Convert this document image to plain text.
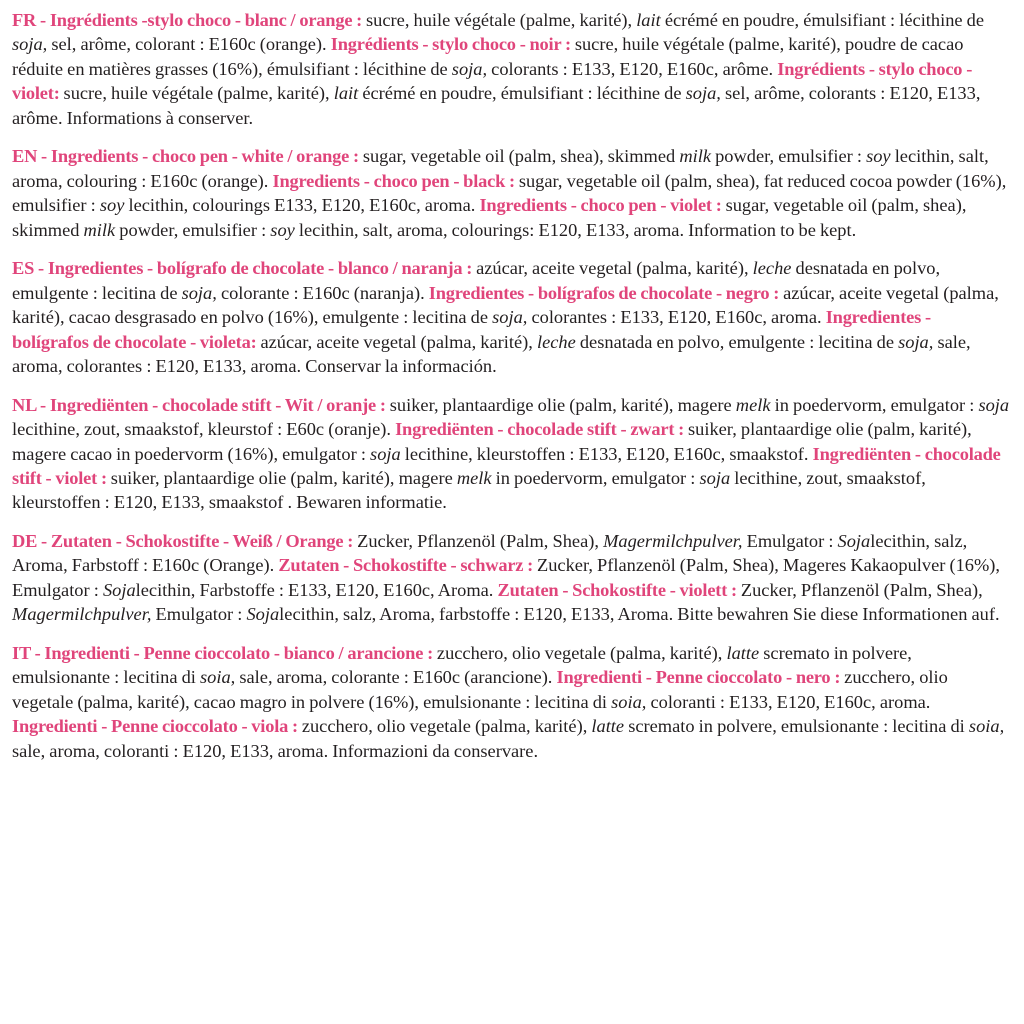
FR - Ingrédients -stylo choco - blanc / orange : sucre, huile végétale (palme, karité), lait écrémé en poudre, émulsifiant : lécithine de soja, sel, arôme, colorant : E160c (orange). Ingrédients - stylo choco - noir : sucre, huile végétale (palme, karité), poudre de cacao réduite en matières grasses (16%), émulsifiant : lécithine de soja, colorants : E133, E120, E160c, arôme. Ingrédients - stylo choco - violet: sucre, huile végétale (palme, karité), lait écrémé en poudre, émulsifiant : lécithine de soja, sel, arôme, colorants : E120, E133, arôme. Informations à conserver.

EN - Ingredients - choco pen - white / orange : sugar, vegetable oil (palm, shea), skimmed milk powder, emulsifier : soy lecithin, salt, aroma, colouring : E160c (orange). Ingredients - choco pen - black : sugar, vegetable oil (palm, shea), fat reduced cocoa powder (16%), emulsifier : soy lecithin, colourings E133, E120, E160c, aroma. Ingredients - choco pen - violet : sugar, vegetable oil (palm, shea), skimmed milk powder, emulsifier : soy lecithin, salt, aroma, colourings: E120, E133, aroma. Information to be kept.

ES - Ingredientes - bolígrafo de chocolate - blanco / naranja : azúcar, aceite vegetal (palma, karité), leche desnatada en polvo, emulgente : lecitina de soja, colorante : E160c (naranja). Ingredientes - bolígrafos de chocolate - negro : azúcar, aceite vegetal (palma, karité), cacao desgrasado en polvo (16%), emulgente : lecitina de soja, colorantes : E133, E120, E160c, aroma. Ingredientes - bolígrafos de chocolate - violeta: azúcar, aceite vegetal (palma, karité), leche desnatada en polvo, emulgente : lecitina de soja, sale, aroma, colorantes : E120, E133, aroma. Conservar la información.

NL - Ingrediënten - chocolade stift - Wit / oranje : suiker, plantaardige olie (palm, karité), magere melk in poedervorm, emulgator : soja lecithine, zout, smaakstof, kleurstof : E60c (oranje). Ingrediënten - chocolade stift - zwart : suiker, plantaardige olie (palm, karité), magere cacao in poedervorm (16%), emulgator : soja lecithine, kleurstoffen : E133, E120, E160c, smaakstof. Ingrediënten - chocolade stift - violet : suiker, plantaardige olie (palm, karité), magere melk in poedervorm, emulgator : soja lecithine, zout, smaakstof, kleurstoffen : E120, E133, smaakstof . Bewaren informatie.

DE - Zutaten - Schokostifte - Weiß / Orange : Zucker, Pflanzenöl (Palm, Shea), Magermilchpulver, Emulgator : Sojalecithin, salz, Aroma, Farbstoff : E160c (Orange). Zutaten - Schokostifte - schwarz : Zucker, Pflanzenöl (Palm, Shea), Mageres Kakaopulver (16%), Emulgator : Sojalecithin, Farbstoffe : E133, E120, E160c, Aroma. Zutaten - Schokostifte - violett : Zucker, Pflanzenöl (Palm, Shea), Magermilchpulver, Emulgator : Sojalecithin, salz, Aroma, farbstoffe : E120, E133, Aroma. Bitte bewahren Sie diese Informationen auf.

IT - Ingredienti - Penne cioccolato - bianco / arancione : zucchero, olio vegetale (palma, karité), latte scremato in polvere, emulsionante : lecitina di soia, sale, aroma, colorante : E160c (arancione). Ingredienti - Penne cioccolato - nero : zucchero, olio vegetale (palma, karité), cacao magro in polvere (16%), emulsionante : lecitina di soia, coloranti : E133, E120, E160c, aroma. Ingredienti - Penne cioccolato - viola : zucchero, olio vegetale (palma, karité), latte scremato in polvere, emulsionante : lecitina di soia, sale, aroma, coloranti : E120, E133, aroma. Informazioni da conservare.
